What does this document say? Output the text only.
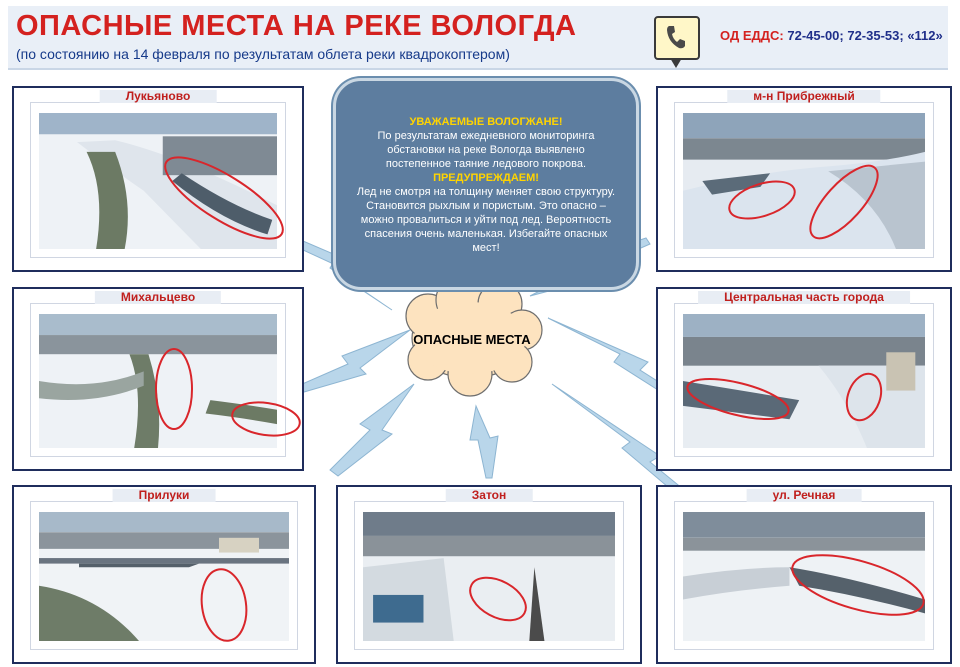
ОПАСНЫЕ МЕСТА НА РЕКЕ ВОЛОГДА
(по состоянию на 14 февраля по результатам облета реки квадрокоптером)
ОД ЕДДС: 72-45-00; 72-35-53; «112»
ОПАСНЫЕ МЕСТА

УВАЖАЕМЫЕ ВОЛОГЖАНЕ!
По результатам ежедневного мониторинга обстановки на реке Вологда выявлено постепенное таяние ледового покрова.

ПРЕДУПРЕЖДАЕМ!
Лед не смотря на толщину меняет свою структуру. Становится рыхлым и пористым. Это опасно – можно провалиться и уйти под лед. Вероятность спасения очень маленькая. Избегайте опасных мест!

Лукьяново	м-н Прибрежный
Михальцево	Центральная часть города
Прилуки	Затон	ул. Речная
